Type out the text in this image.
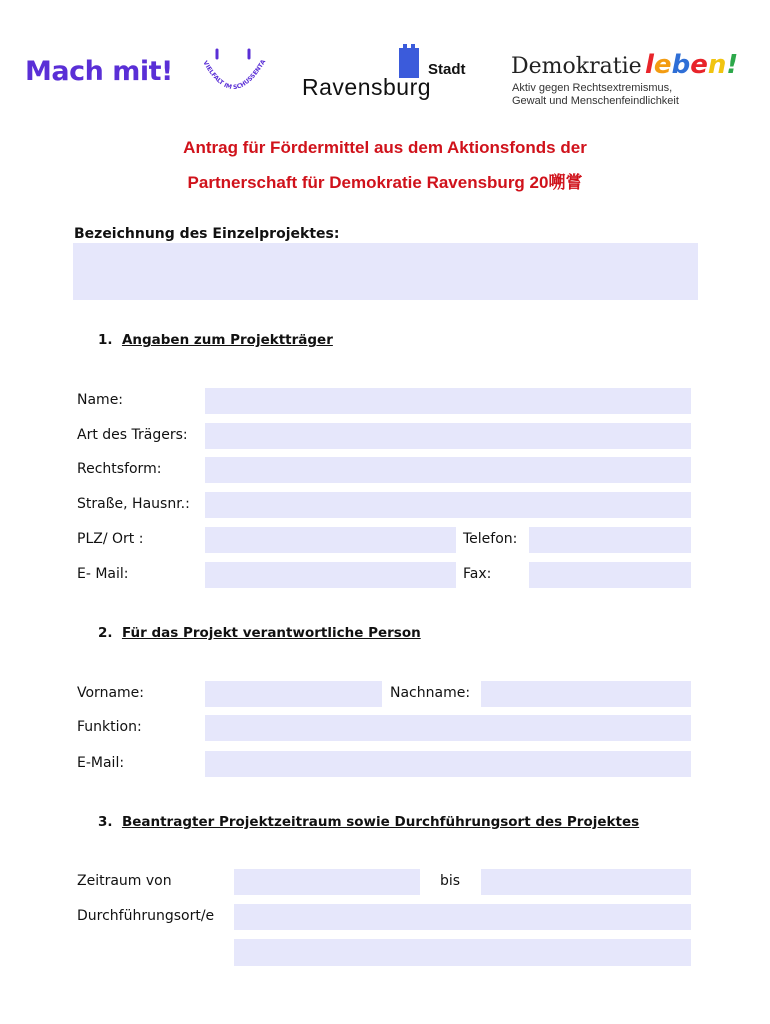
Mach mit!	VIELFALT IM SCHUSSENTA	Stadt
Ravensburg
Demokratie leben!
Aktiv gegen Rechtsextremismus,
Gewalt und Menschenfeindlichkeit
Antrag für Fördermittel aus dem Aktionsfonds der
Partnerschaft für Demokratie Ravensburg 20嗍嘗
Bezeichnung des Einzelprojektes:
1. Angaben zum Projektträger
Name:
Art des Trägers:
Rechtsform:
Straße, Hausnr.:
PLZ/ Ort :	Telefon:
E- Mail:	Fax:
2. Für das Projekt verantwortliche Person
Vorname:	Nachname:
Funktion:
E-Mail:
3. Beantragter Projektzeitraum sowie Durchführungsort des Projektes
Zeitraum von	bis
Durchführungsort/e
